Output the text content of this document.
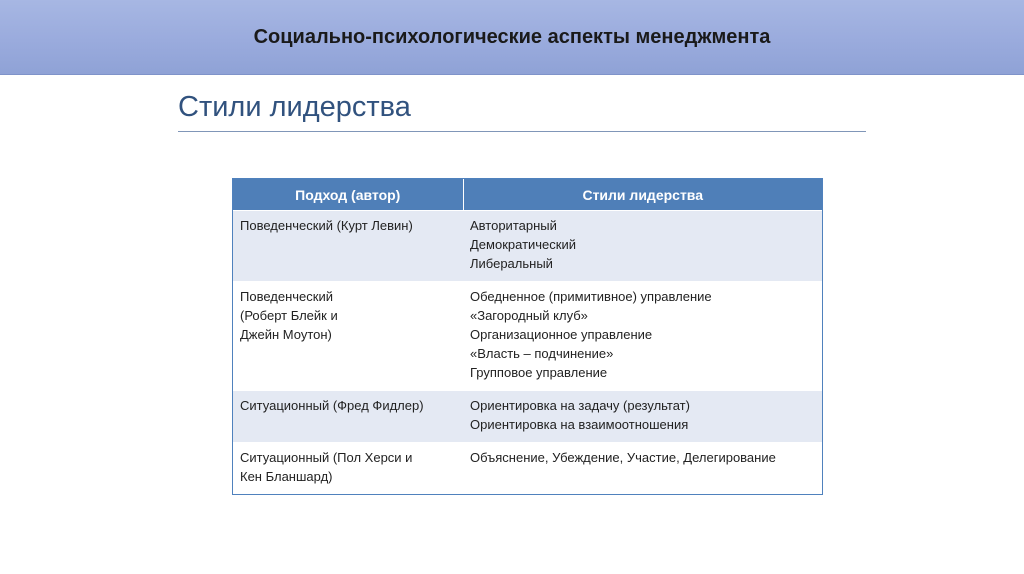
Социально-психологические аспекты менеджмента
Стили лидерства
Подход (автор)	Стили лидерства

Поведенческий (Курт Левин)	Авторитарный
Демократический
Либеральный

Поведенческий
(Роберт Блейк и
Джейн Моутон)	Обедненное (примитивное) управление
«Загородный клуб»
Организационное управление
«Власть – подчинение»
Групповое управление

Ситуационный (Фред Фидлер)	Ориентировка на задачу (результат)
Ориентировка на взаимоотношения

Ситуационный (Пол Херси и
Кен Бланшард)	Объяснение, Убеждение, Участие, Делегирование
